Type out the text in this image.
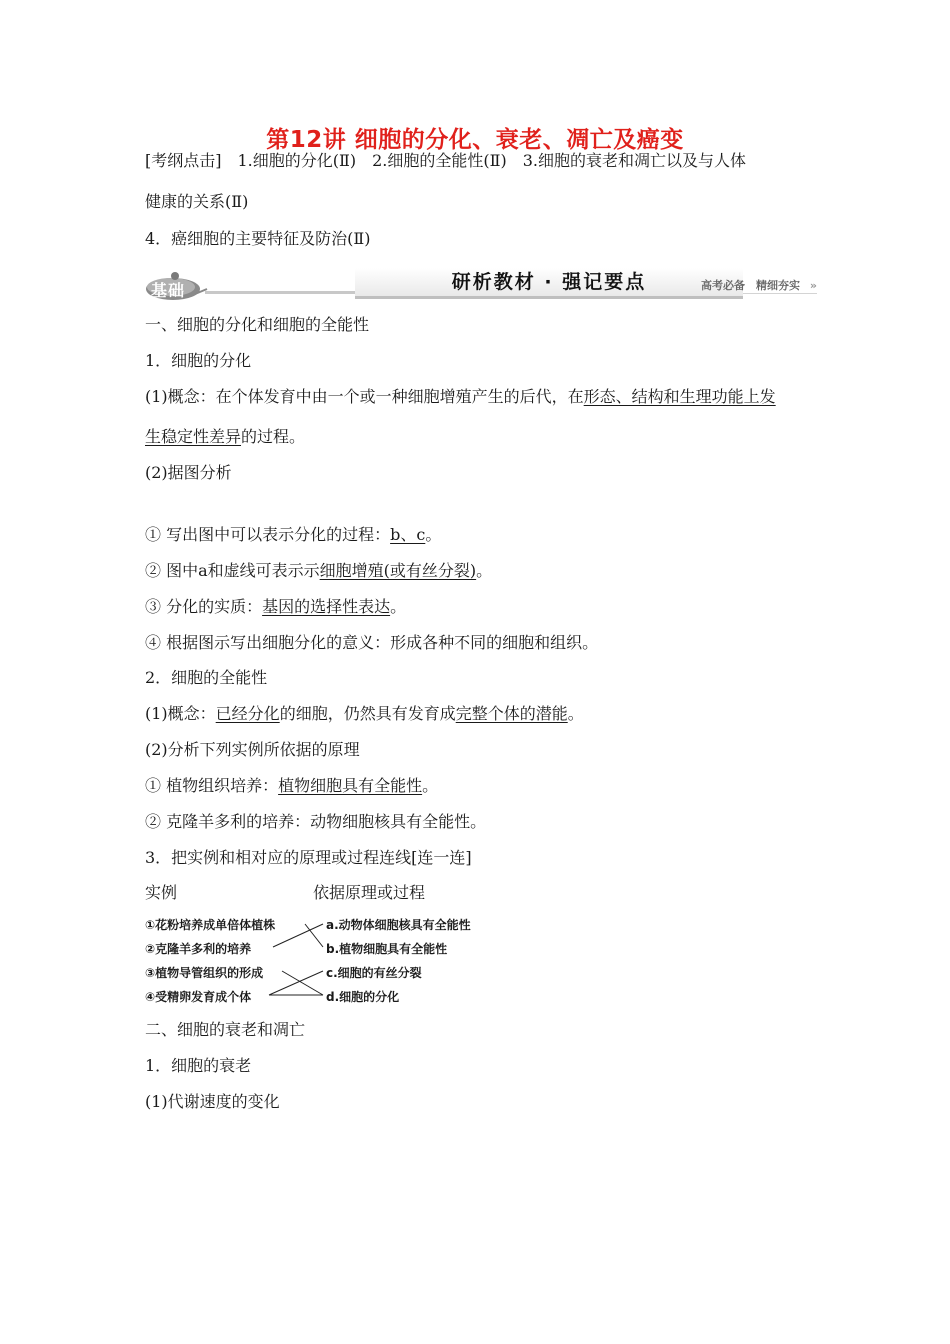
第12讲 细胞的分化、衰老、凋亡及癌变
[考纲点击]　1.细胞的分化(Ⅱ)　2.细胞的全能性(Ⅱ)　3.细胞的衰老和凋亡以及与人体
健康的关系(Ⅱ)
4．癌细胞的主要特征及防治(Ⅱ)
基础	研析教材 · 强记要点	高考必备　精细夯实 »
一、细胞的分化和细胞的全能性
1．细胞的分化
(1)概念：在个体发育中由一个或一种细胞增殖产生的后代，在形态、结构和生理功能上发
生稳定性差异的过程。
(2)据图分析
① 写出图中可以表示分化的过程：b、c。
② 图中a和虚线可表示示细胞增殖(或有丝分裂)。
③ 分化的实质：基因的选择性表达。
④ 根据图示写出细胞分化的意义：形成各种不同的细胞和组织。
2．细胞的全能性
(1)概念：已经分化的细胞，仍然具有发育成完整个体的潜能。
(2)分析下列实例所依据的原理
① 植物组织培养：植物细胞具有全能性。
② 克隆羊多利的培养：动物细胞核具有全能性。
3．把实例和相对应的原理或过程连线[连一连]
实例	依据原理或过程
①花粉培养成单倍体植株
②克隆羊多利的培养
③植物导管组织的形成
④受精卵发育成个体
a.动物体细胞核具有全能性
b.植物细胞具有全能性
c.细胞的有丝分裂
d.细胞的分化
二、细胞的衰老和凋亡
1．细胞的衰老
(1)代谢速度的变化
